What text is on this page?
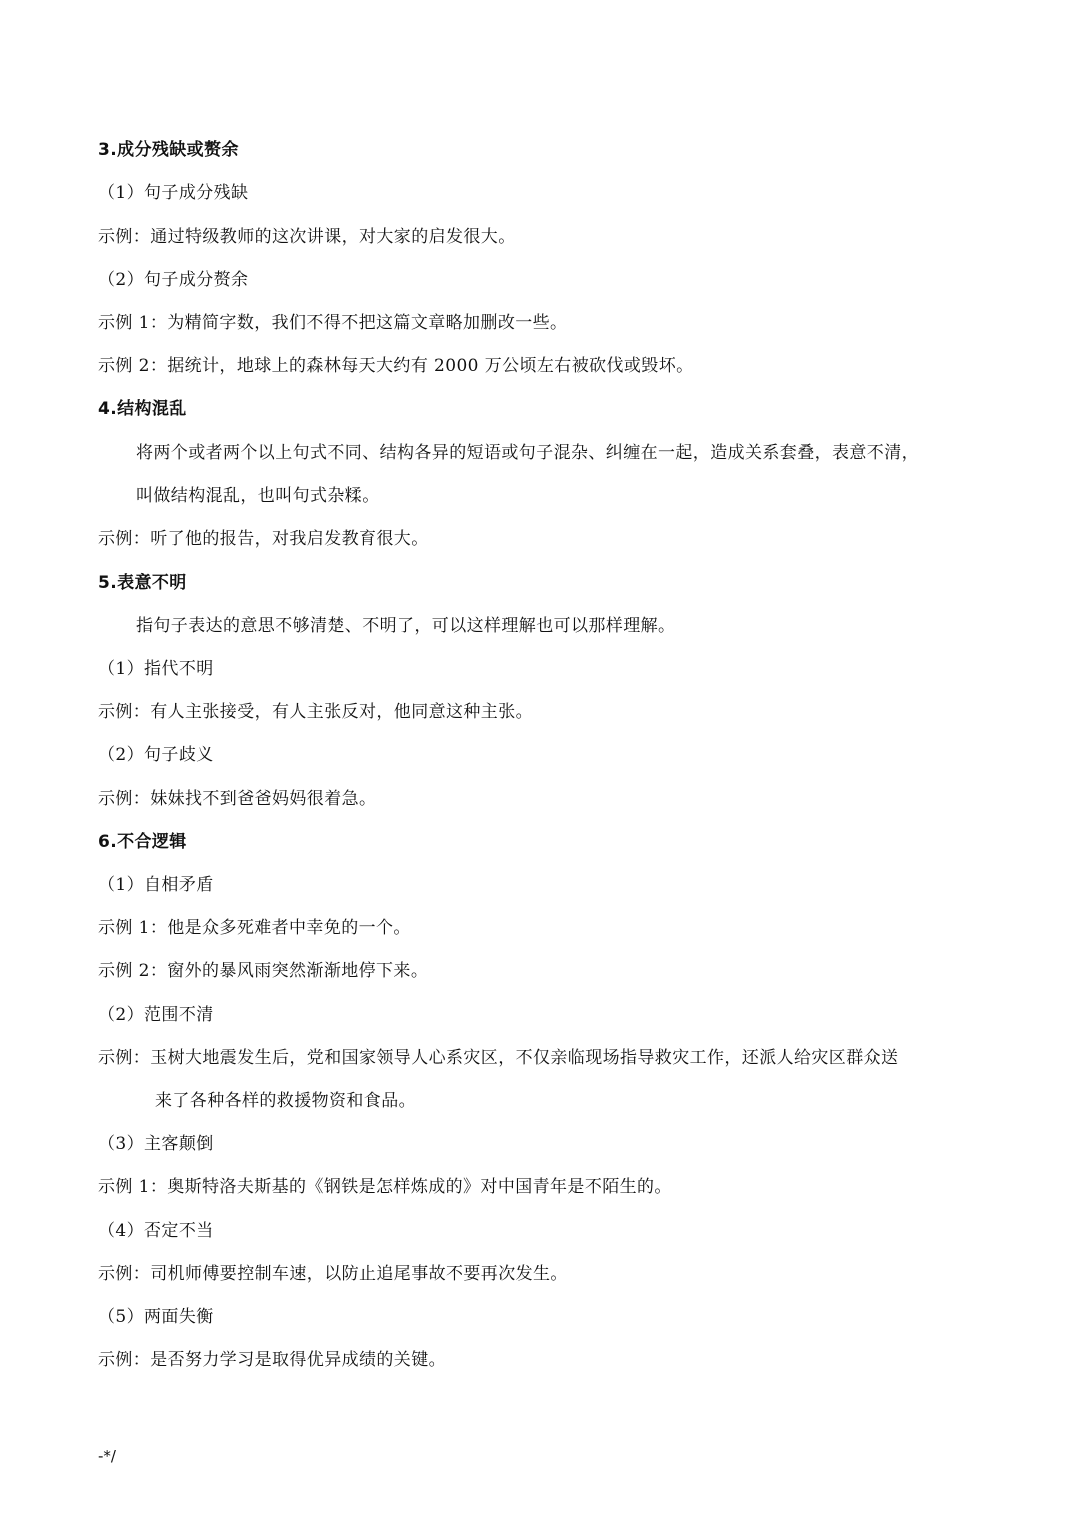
3.成分残缺或赘余
（1）句子成分残缺
示例：通过特级教师的这次讲课，对大家的启发很大。
（2）句子成分赘余
示例 1：为精简字数，我们不得不把这篇文章略加删改一些。
示例 2：据统计，地球上的森林每天大约有 2000 万公顷左右被砍伐或毁坏。
4.结构混乱
将两个或者两个以上句式不同、结构各异的短语或句子混杂、纠缠在一起，造成关系套叠，表意不清，
叫做结构混乱，也叫句式杂糅。
示例：听了他的报告，对我启发教育很大。
5.表意不明
指句子表达的意思不够清楚、不明了，可以这样理解也可以那样理解。
（1）指代不明
示例：有人主张接受，有人主张反对，他同意这种主张。
（2）句子歧义
示例：妹妹找不到爸爸妈妈很着急。
6.不合逻辑
（1）自相矛盾
示例 1：他是众多死难者中幸免的一个。
示例 2：窗外的暴风雨突然渐渐地停下来。
（2）范围不清
示例：玉树大地震发生后，党和国家领导人心系灾区，不仅亲临现场指导救灾工作，还派人给灾区群众送
来了各种各样的救援物资和食品。
（3）主客颠倒
示例 1：奥斯特洛夫斯基的《钢铁是怎样炼成的》对中国青年是不陌生的。
（4）否定不当
示例：司机师傅要控制车速，以防止追尾事故不要再次发生。
（5）两面失衡
示例：是否努力学习是取得优异成绩的关键。
-*/
